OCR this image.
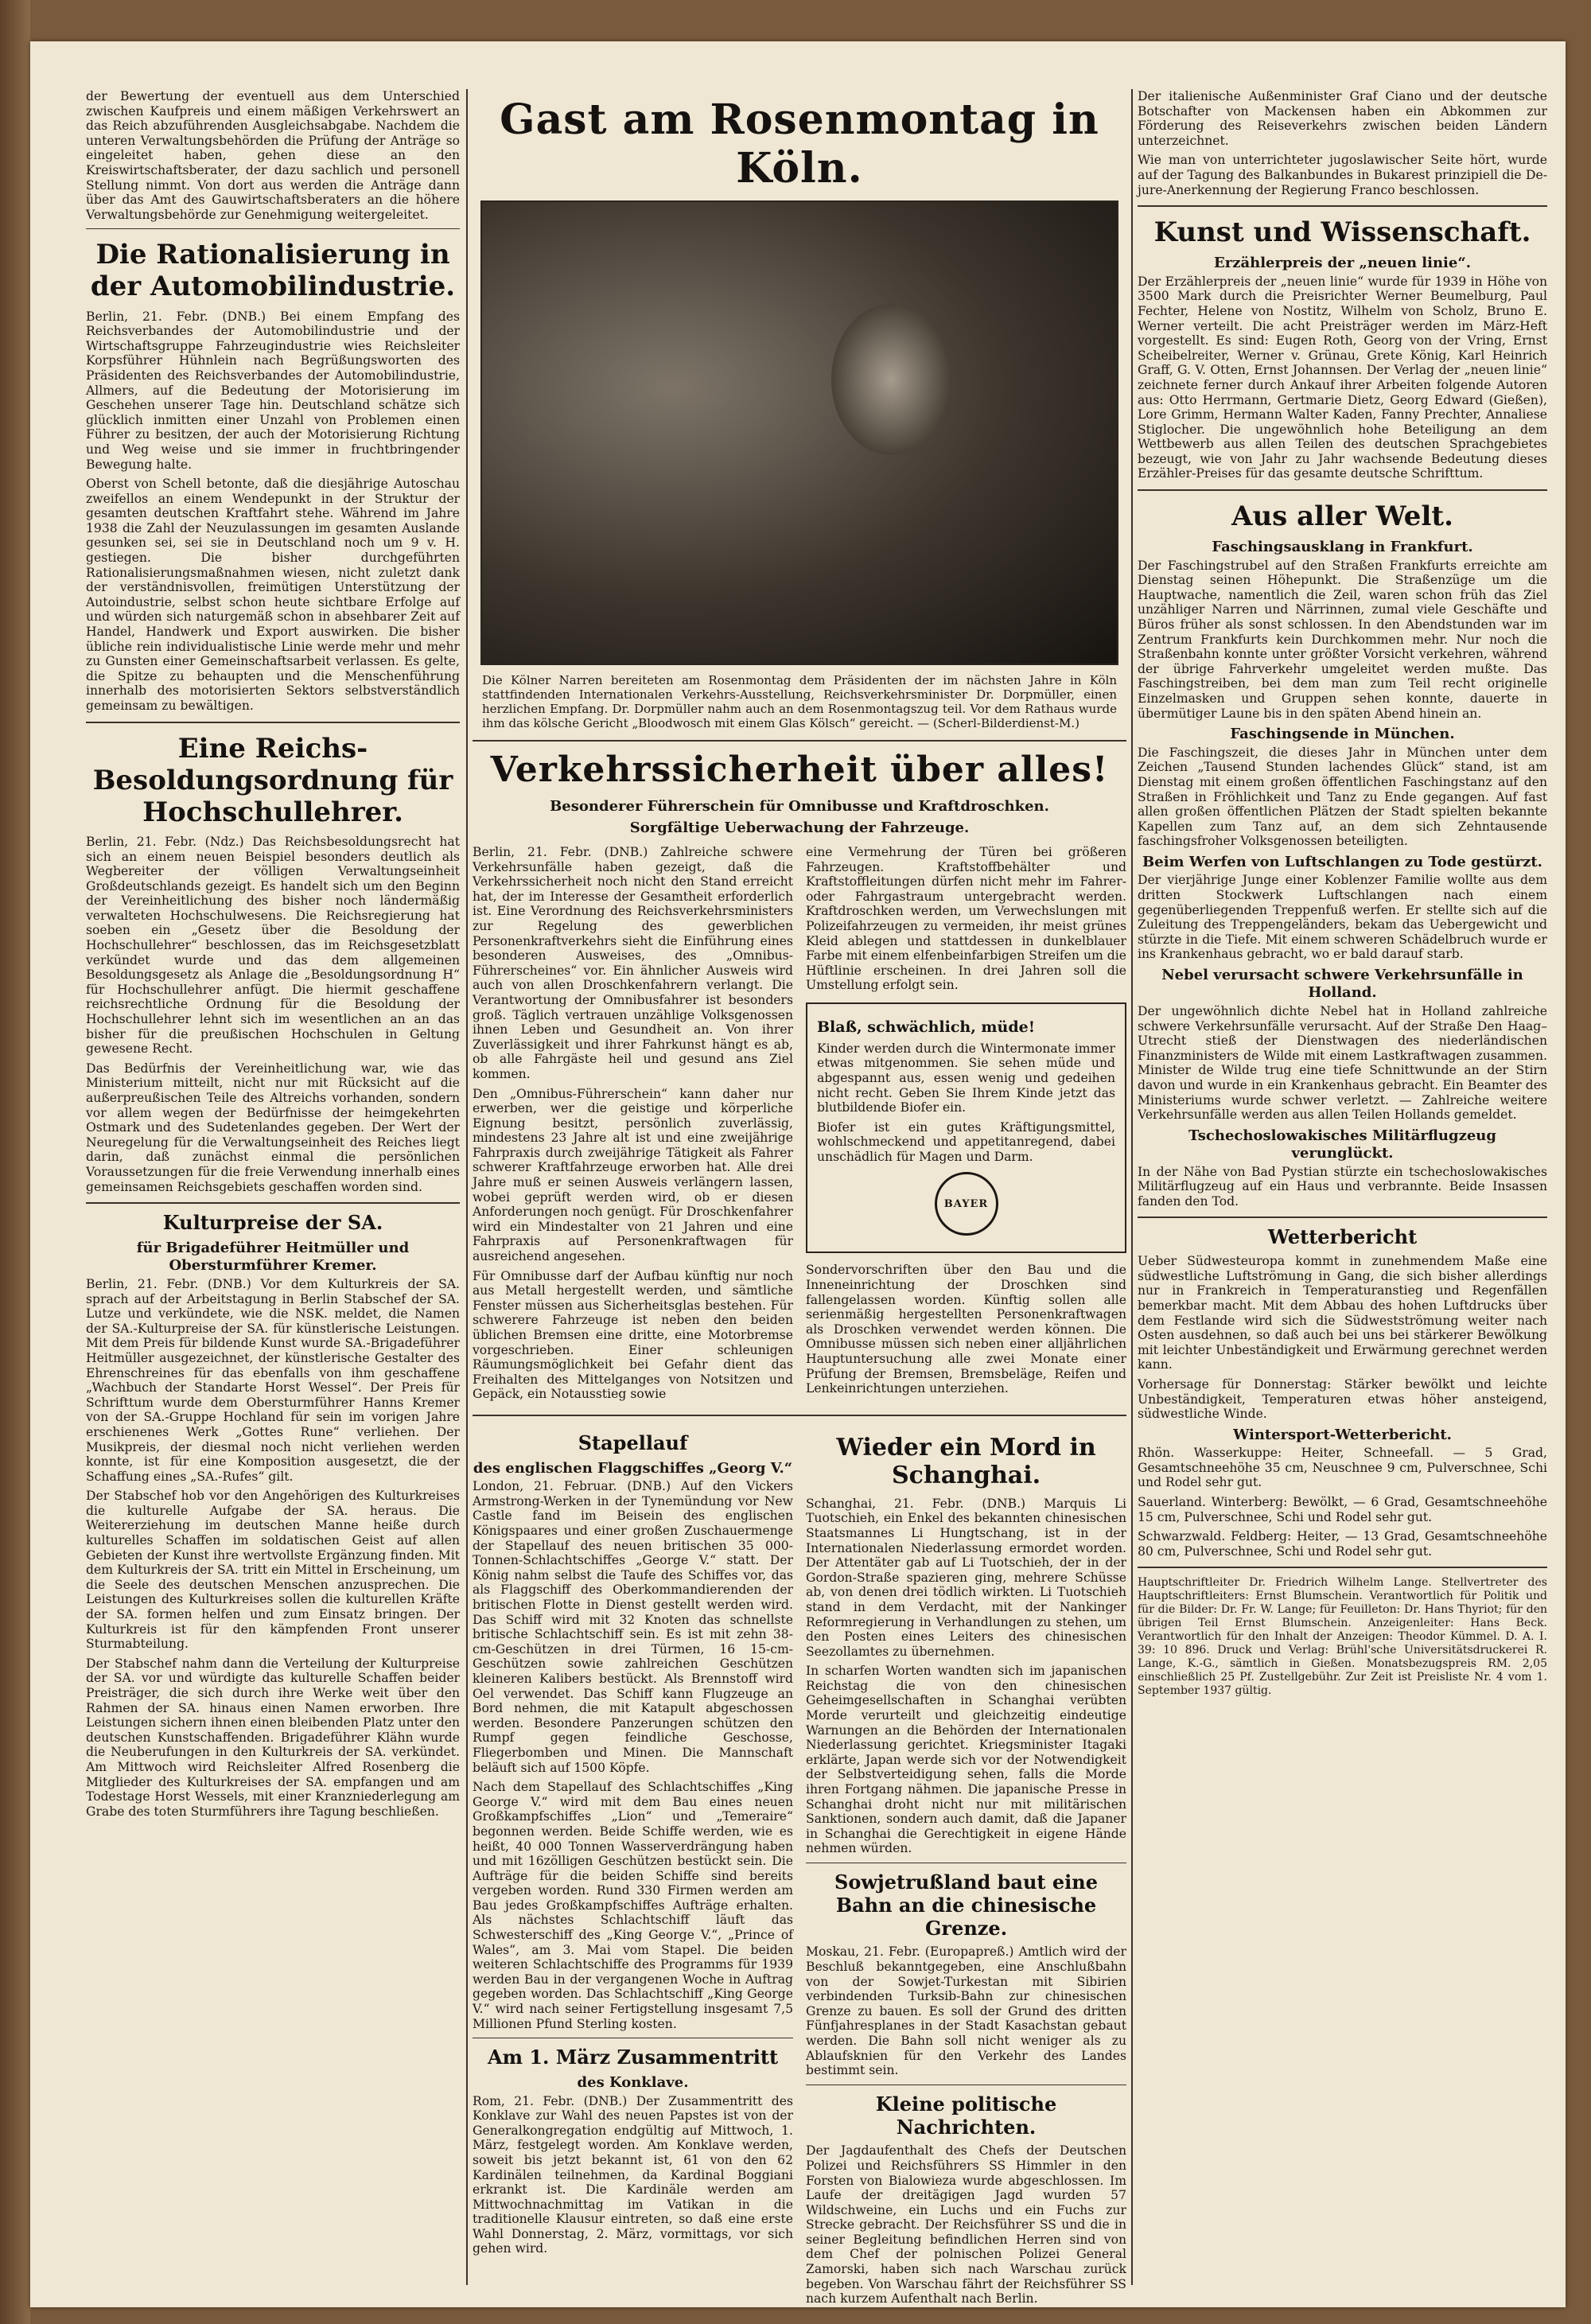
der Bewertung der eventuell aus dem Unterschied zwischen Kaufpreis und einem mäßigen Verkehrswert an das Reich abzuführenden Ausgleichsabgabe. Nachdem die unteren Verwaltungsbehörden die Prüfung der Anträge so eingeleitet haben, gehen diese an den Kreiswirtschaftsberater, der dazu sachlich und personell Stellung nimmt. Von dort aus werden die Anträge dann über das Amt des Gauwirtschaftsberaters an die höhere Verwaltungsbehörde zur Genehmigung weitergeleitet.

Die Rationalisierung in der Automobilindustrie.

Berlin, 21. Febr. (DNB.) Bei einem Empfang des Reichsverbandes der Automobilindustrie und der Wirtschaftsgruppe Fahrzeugindustrie wies Reichsleiter Korpsführer Hühnlein nach Begrüßungsworten des Präsidenten des Reichsverbandes der Automobilindustrie, Allmers, auf die Bedeutung der Motorisierung im Geschehen unserer Tage hin. Deutschland schätze sich glücklich inmitten einer Unzahl von Problemen einen Führer zu besitzen, der auch der Motorisierung Richtung und Weg weise und sie immer in fruchtbringender Bewegung halte.

Oberst von Schell betonte, daß die diesjährige Autoschau zweifellos an einem Wendepunkt in der Struktur der gesamten deutschen Kraftfahrt stehe. Während im Jahre 1938 die Zahl der Neuzulassungen im gesamten Auslande gesunken sei, sei sie in Deutschland noch um 9 v. H. gestiegen. Die bisher durchgeführten Rationalisierungsmaßnahmen wiesen, nicht zuletzt dank der verständnisvollen, freimütigen Unterstützung der Autoindustrie, selbst schon heute sichtbare Erfolge auf und würden sich naturgemäß schon in absehbarer Zeit auf Handel, Handwerk und Export auswirken. Die bisher übliche rein individualistische Linie werde mehr und mehr zu Gunsten einer Gemeinschaftsarbeit verlassen. Es gelte, die Spitze zu behaupten und die Menschenführung innerhalb des motorisierten Sektors selbstverständlich gemeinsam zu bewältigen.

Eine Reichs-Besoldungsordnung für Hochschullehrer.

Berlin, 21. Febr. (Ndz.) Das Reichsbesoldungsrecht hat sich an einem neuen Beispiel besonders deutlich als Wegbereiter der völligen Verwaltungseinheit Großdeutschlands gezeigt. Es handelt sich um den Beginn der Vereinheitlichung des bisher noch ländermäßig verwalteten Hochschulwesens. Die Reichsregierung hat soeben ein „Gesetz über die Besoldung der Hochschullehrer“ beschlossen, das im Reichsgesetzblatt verkündet wurde und das dem allgemeinen Besoldungsgesetz als Anlage die „Besoldungsordnung H“ für Hochschullehrer anfügt. Die hiermit geschaffene reichsrechtliche Ordnung für die Besoldung der Hochschullehrer lehnt sich im wesentlichen an an das bisher für die preußischen Hochschulen in Geltung gewesene Recht.

Das Bedürfnis der Vereinheitlichung war, wie das Ministerium mitteilt, nicht nur mit Rücksicht auf die außerpreußischen Teile des Altreichs vorhanden, sondern vor allem wegen der Bedürfnisse der heimgekehrten Ostmark und des Sudetenlandes gegeben. Der Wert der Neuregelung für die Verwaltungseinheit des Reiches liegt darin, daß zunächst einmal die persönlichen Voraussetzungen für die freie Verwendung innerhalb eines gemeinsamen Reichsgebiets geschaffen worden sind.

Kulturpreise der SA.
für Brigadeführer Heitmüller und Obersturmführer Kremer.

Berlin, 21. Febr. (DNB.) Vor dem Kulturkreis der SA. sprach auf der Arbeitstagung in Berlin Stabschef der SA. Lutze und verkündete, wie die NSK. meldet, die Namen der SA.-Kulturpreise der SA. für künstlerische Leistungen. Mit dem Preis für bildende Kunst wurde SA.-Brigadeführer Heitmüller ausgezeichnet, der künstlerische Gestalter des Ehrenschreines für das ebenfalls von ihm geschaffene „Wachbuch der Standarte Horst Wessel“. Der Preis für Schrifttum wurde dem Obersturmführer Hanns Kremer von der SA.-Gruppe Hochland für sein im vorigen Jahre erschienenes Werk „Gottes Rune“ verliehen. Der Musikpreis, der diesmal noch nicht verliehen werden konnte, ist für eine Komposition ausgesetzt, die der Schaffung eines „SA.-Rufes“ gilt.

Der Stabschef hob vor den Angehörigen des Kulturkreises die kulturelle Aufgabe der SA. heraus. Die Weitererziehung im deutschen Manne heiße durch kulturelles Schaffen im soldatischen Geist auf allen Gebieten der Kunst ihre wertvollste Ergänzung finden. Mit dem Kulturkreis der SA. tritt ein Mittel in Erscheinung, um die Seele des deutschen Menschen anzusprechen. Die Leistungen des Kulturkreises sollen die kulturellen Kräfte der SA. formen helfen und zum Einsatz bringen. Der Kulturkreis ist für den kämpfenden Front unserer Sturmabteilung.

Der Stabschef nahm dann die Verteilung der Kulturpreise der SA. vor und würdigte das kulturelle Schaffen beider Preisträger, die sich durch ihre Werke weit über den Rahmen der SA. hinaus einen Namen erworben. Ihre Leistungen sichern ihnen einen bleibenden Platz unter den deutschen Kunstschaffenden. Brigadeführer Klähn wurde die Neuberufungen in den Kulturkreis der SA. verkündet. Am Mittwoch wird Reichsleiter Alfred Rosenberg die Mitglieder des Kulturkreises der SA. empfangen und am Todestage Horst Wessels, mit einer Kranzniederlegung am Grabe des toten Sturmführers ihre Tagung beschließen.

Gast am Rosenmontag in Köln.

Die Kölner Narren bereiteten am Rosenmontag dem Präsidenten der im nächsten Jahre in Köln stattfindenden Internationalen Verkehrs-Ausstellung, Reichsverkehrsminister Dr. Dorpmüller, einen herzlichen Empfang. Dr. Dorpmüller nahm auch an dem Rosenmontagszug teil. Vor dem Rathaus wurde ihm das kölsche Gericht „Bloodwosch mit einem Glas Kölsch“ gereicht. — (Scherl-Bilderdienst-M.)

Verkehrssicherheit über alles!
Besonderer Führerschein für Omnibusse und Kraftdroschken.
Sorgfältige Ueberwachung der Fahrzeuge.

Berlin, 21. Febr. (DNB.) Zahlreiche schwere Verkehrsunfälle haben gezeigt, daß die Verkehrssicherheit noch nicht den Stand erreicht hat, der im Interesse der Gesamtheit erforderlich ist. Eine Verordnung des Reichsverkehrsministers zur Regelung des gewerblichen Personenkraftverkehrs sieht die Einführung eines besonderen Ausweises, des „Omnibus-Führerscheines“ vor. Ein ähnlicher Ausweis wird auch von allen Droschkenfahrern verlangt. Die Verantwortung der Omnibusfahrer ist besonders groß. Täglich vertrauen unzählige Volksgenossen ihnen Leben und Gesundheit an. Von ihrer Zuverlässigkeit und ihrer Fahrkunst hängt es ab, ob alle Fahrgäste heil und gesund ans Ziel kommen.

Den „Omnibus-Führerschein“ kann daher nur erwerben, wer die geistige und körperliche Eignung besitzt, persönlich zuverlässig, mindestens 23 Jahre alt ist und eine zweijährige Fahrpraxis durch zweijährige Tätigkeit als Fahrer schwerer Kraftfahrzeuge erworben hat. Alle drei Jahre muß er seinen Ausweis verlängern lassen, wobei geprüft werden wird, ob er diesen Anforderungen noch genügt. Für Droschkenfahrer wird ein Mindestalter von 21 Jahren und eine Fahrpraxis auf Personenkraftwagen für ausreichend angesehen.

Für Omnibusse darf der Aufbau künftig nur noch aus Metall hergestellt werden, und sämtliche Fenster müssen aus Sicherheitsglas bestehen. Für schwerere Fahrzeuge ist neben den beiden üblichen Bremsen eine dritte, eine Motorbremse vorgeschrieben. Einer schleunigen Räumungsmöglichkeit bei Gefahr dient das Freihalten des Mittelganges von Notsitzen und Gepäck, ein Notausstieg sowie

eine Vermehrung der Türen bei größeren Fahrzeugen. Kraftstoffbehälter und Kraftstoffleitungen dürfen nicht mehr im Fahrer- oder Fahrgastraum untergebracht werden. Kraftdroschken werden, um Verwechslungen mit Polizeifahrzeugen zu vermeiden, ihr meist grünes Kleid ablegen und stattdessen in dunkelblauer Farbe mit einem elfenbeinfarbigen Streifen um die Hüftlinie erscheinen. In drei Jahren soll die Umstellung erfolgt sein.

Blaß, schwächlich, müde!

Kinder werden durch die Wintermonate immer etwas mitgenommen. Sie sehen müde und abgespannt aus, essen wenig und gedeihen nicht recht. Geben Sie Ihrem Kinde jetzt das blutbildende Biofer ein.

Biofer ist ein gutes Kräftigungsmittel, wohlschmeckend und appetitanregend, dabei unschädlich für Magen und Darm.

BAYER

Sondervorschriften über den Bau und die Inneneinrichtung der Droschken sind fallengelassen worden. Künftig sollen alle serienmäßig hergestellten Personenkraftwagen als Droschken verwendet werden können. Die Omnibusse müssen sich neben einer alljährlichen Hauptuntersuchung alle zwei Monate einer Prüfung der Bremsen, Bremsbeläge, Reifen und Lenkeinrichtungen unterziehen.

Stapellauf
des englischen Flaggschiffes „Georg V.“

London, 21. Februar. (DNB.) Auf den Vickers Armstrong-Werken in der Tynemündung vor New Castle fand im Beisein des englischen Königspaares und einer großen Zuschauermenge der Stapellauf des neuen britischen 35 000-Tonnen-Schlachtschiffes „George V.“ statt. Der König nahm selbst die Taufe des Schiffes vor, das als Flaggschiff des Oberkommandierenden der britischen Flotte in Dienst gestellt werden wird. Das Schiff wird mit 32 Knoten das schnellste britische Schlachtschiff sein. Es ist mit zehn 38-cm-Geschützen in drei Türmen, 16 15-cm-Geschützen sowie zahlreichen Geschützen kleineren Kalibers bestückt. Als Brennstoff wird Oel verwendet. Das Schiff kann Flugzeuge an Bord nehmen, die mit Katapult abgeschossen werden. Besondere Panzerungen schützen den Rumpf gegen feindliche Geschosse, Fliegerbomben und Minen. Die Mannschaft beläuft sich auf 1500 Köpfe.

Nach dem Stapellauf des Schlachtschiffes „King George V.“ wird mit dem Bau eines neuen Großkampfschiffes „Lion“ und „Temeraire“ begonnen werden. Beide Schiffe werden, wie es heißt, 40 000 Tonnen Wasserverdrängung haben und mit 16zölligen Geschützen bestückt sein. Die Aufträge für die beiden Schiffe sind bereits vergeben worden. Rund 330 Firmen werden am Bau jedes Großkampfschiffes Aufträge erhalten. Als nächstes Schlachtschiff läuft das Schwesterschiff des „King George V.“, „Prince of Wales“, am 3. Mai vom Stapel. Die beiden weiteren Schlachtschiffe des Programms für 1939 werden Bau in der vergangenen Woche in Auftrag gegeben worden. Das Schlachtschiff „King George V.“ wird nach seiner Fertigstellung insgesamt 7,5 Millionen Pfund Sterling kosten.

Am 1. März Zusammentritt
des Konklave.

Rom, 21. Febr. (DNB.) Der Zusammentritt des Konklave zur Wahl des neuen Papstes ist von der Generalkongregation endgültig auf Mittwoch, 1. März, festgelegt worden. Am Konklave werden, soweit bis jetzt bekannt ist, 61 von den 62 Kardinälen teilnehmen, da Kardinal Boggiani erkrankt ist. Die Kardinäle werden am Mittwochnachmittag im Vatikan in die traditionelle Klausur eintreten, so daß eine erste Wahl Donnerstag, 2. März, vormittags, vor sich gehen wird.

Wieder ein Mord in Schanghai.

Schanghai, 21. Febr. (DNB.) Marquis Li Tuotschieh, ein Enkel des bekannten chinesischen Staatsmannes Li Hungtschang, ist in der Internationalen Niederlassung ermordet worden. Der Attentäter gab auf Li Tuotschieh, der in der Gordon-Straße spazieren ging, mehrere Schüsse ab, von denen drei tödlich wirkten. Li Tuotschieh stand in dem Verdacht, mit der Nankinger Reformregierung in Verhandlungen zu stehen, um den Posten eines Leiters des chinesischen Seezollamtes zu übernehmen.

In scharfen Worten wandten sich im japanischen Reichstag die von den chinesischen Geheimgesellschaften in Schanghai verübten Morde verurteilt und gleichzeitig eindeutige Warnungen an die Behörden der Internationalen Niederlassung gerichtet. Kriegsminister Itagaki erklärte, Japan werde sich vor der Notwendigkeit der Selbstverteidigung sehen, falls die Morde ihren Fortgang nähmen. Die japanische Presse in Schanghai droht nicht nur mit militärischen Sanktionen, sondern auch damit, daß die Japaner in Schanghai die Gerechtigkeit in eigene Hände nehmen würden.

Sowjetrußland baut eine Bahn an die chinesische Grenze.

Moskau, 21. Febr. (Europapreß.) Amtlich wird der Beschluß bekanntgegeben, eine Anschlußbahn von der Sowjet-Turkestan mit Sibirien verbindenden Turksib-Bahn zur chinesischen Grenze zu bauen. Es soll der Grund des dritten Fünfjahresplanes in der Stadt Kasachstan gebaut werden. Die Bahn soll nicht weniger als zu Ablaufsknien für den Verkehr des Landes bestimmt sein.

Kleine politische Nachrichten.

Der Jagdaufenthalt des Chefs der Deutschen Polizei und Reichsführers SS Himmler in den Forsten von Bialowieza wurde abgeschlossen. Im Laufe der dreitägigen Jagd wurden 57 Wildschweine, ein Luchs und ein Fuchs zur Strecke gebracht. Der Reichsführer SS und die in seiner Begleitung befindlichen Herren sind von dem Chef der polnischen Polizei General Zamorski, haben sich nach Warschau zurück begeben. Von Warschau fährt der Reichsführer SS nach kurzem Aufenthalt nach Berlin.

Der italienische Außenminister Graf Ciano und der deutsche Botschafter von Mackensen haben ein Abkommen zur Förderung des Reiseverkehrs zwischen beiden Ländern unterzeichnet.

Wie man von unterrichteter jugoslawischer Seite hört, wurde auf der Tagung des Balkanbundes in Bukarest prinzipiell die De-jure-Anerkennung der Regierung Franco beschlossen.

Kunst und Wissenschaft.
Erzählerpreis der „neuen linie“.

Der Erzählerpreis der „neuen linie“ wurde für 1939 in Höhe von 3500 Mark durch die Preisrichter Werner Beumelburg, Paul Fechter, Helene von Nostitz, Wilhelm von Scholz, Bruno E. Werner verteilt. Die acht Preisträger werden im März-Heft vorgestellt. Es sind: Eugen Roth, Georg von der Vring, Ernst Scheibelreiter, Werner v. Grünau, Grete König, Karl Heinrich Graff, G. V. Otten, Ernst Johannsen. Der Verlag der „neuen linie“ zeichnete ferner durch Ankauf ihrer Arbeiten folgende Autoren aus: Otto Herrmann, Gertmarie Dietz, Georg Edward (Gießen), Lore Grimm, Hermann Walter Kaden, Fanny Prechter, Annaliese Stiglocher. Die ungewöhnlich hohe Beteiligung an dem Wettbewerb aus allen Teilen des deutschen Sprachgebietes bezeugt, wie von Jahr zu Jahr wachsende Bedeutung dieses Erzähler-Preises für das gesamte deutsche Schrifttum.

Aus aller Welt.
Faschingsausklang in Frankfurt.

Der Faschingstrubel auf den Straßen Frankfurts erreichte am Dienstag seinen Höhepunkt. Die Straßenzüge um die Hauptwache, namentlich die Zeil, waren schon früh das Ziel unzähliger Narren und Närrinnen, zumal viele Geschäfte und Büros früher als sonst schlossen. In den Abendstunden war im Zentrum Frankfurts kein Durchkommen mehr. Nur noch die Straßenbahn konnte unter größter Vorsicht verkehren, während der übrige Fahrverkehr umgeleitet werden mußte. Das Faschingstreiben, bei dem man zum Teil recht originelle Einzelmasken und Gruppen sehen konnte, dauerte in übermütiger Laune bis in den späten Abend hinein an.

Faschingsende in München.

Die Faschingszeit, die dieses Jahr in München unter dem Zeichen „Tausend Stunden lachendes Glück“ stand, ist am Dienstag mit einem großen öffentlichen Faschingstanz auf den Straßen in Fröhlichkeit und Tanz zu Ende gegangen. Auf fast allen großen öffentlichen Plätzen der Stadt spielten bekannte Kapellen zum Tanz auf, an dem sich Zehntausende faschingsfroher Volksgenossen beteiligten.

Beim Werfen von Luftschlangen zu Tode gestürzt.

Der vierjährige Junge einer Koblenzer Familie wollte aus dem dritten Stockwerk Luftschlangen nach einem gegenüberliegenden Treppenfuß werfen. Er stellte sich auf die Zuleitung des Treppengeländers, bekam das Uebergewicht und stürzte in die Tiefe. Mit einem schweren Schädelbruch wurde er ins Krankenhaus gebracht, wo er bald darauf starb.

Nebel verursacht schwere Verkehrsunfälle in Holland.

Der ungewöhnlich dichte Nebel hat in Holland zahlreiche schwere Verkehrsunfälle verursacht. Auf der Straße Den Haag–Utrecht stieß der Dienstwagen des niederländischen Finanzministers de Wilde mit einem Lastkraftwagen zusammen. Minister de Wilde trug eine tiefe Schnittwunde an der Stirn davon und wurde in ein Krankenhaus gebracht. Ein Beamter des Ministeriums wurde schwer verletzt. — Zahlreiche weitere Verkehrsunfälle werden aus allen Teilen Hollands gemeldet.

Tschechoslowakisches Militärflugzeug verunglückt.

In der Nähe von Bad Pystian stürzte ein tschechoslowakisches Militärflugzeug auf ein Haus und verbrannte. Beide Insassen fanden den Tod.

Wetterbericht

Ueber Südwesteuropa kommt in zunehmendem Maße eine südwestliche Luftströmung in Gang, die sich bisher allerdings nur in Frankreich in Temperaturanstieg und Regenfällen bemerkbar macht. Mit dem Abbau des hohen Luftdrucks über dem Festlande wird sich die Südwestströmung weiter nach Osten ausdehnen, so daß auch bei uns bei stärkerer Bewölkung mit leichter Unbeständigkeit und Erwärmung gerechnet werden kann.

Vorhersage für Donnerstag: Stärker bewölkt und leichte Unbeständigkeit, Temperaturen etwas höher ansteigend, südwestliche Winde.

Wintersport-Wetterbericht.

Rhön. Wasserkuppe: Heiter, Schneefall. — 5 Grad, Gesamtschneehöhe 35 cm, Neuschnee 9 cm, Pulverschnee, Schi und Rodel sehr gut.

Sauerland. Winterberg: Bewölkt, — 6 Grad, Gesamtschneehöhe 15 cm, Pulverschnee, Schi und Rodel sehr gut.

Schwarzwald. Feldberg: Heiter, — 13 Grad, Gesamtschneehöhe 80 cm, Pulverschnee, Schi und Rodel sehr gut.

Hauptschriftleiter Dr. Friedrich Wilhelm Lange. Stellvertreter des Hauptschriftleiters: Ernst Blumschein. Verantwortlich für Politik und für die Bilder: Dr. Fr. W. Lange; für Feuilleton: Dr. Hans Thyriot; für den übrigen Teil Ernst Blumschein. Anzeigenleiter: Hans Beck. Verantwortlich für den Inhalt der Anzeigen: Theodor Kümmel. D. A. I. 39: 10 896. Druck und Verlag: Brühl'sche Universitätsdruckerei R. Lange, K.-G., sämtlich in Gießen. Monatsbezugspreis RM. 2,05 einschließlich 25 Pf. Zustellgebühr. Zur Zeit ist Preisliste Nr. 4 vom 1. September 1937 gültig.
